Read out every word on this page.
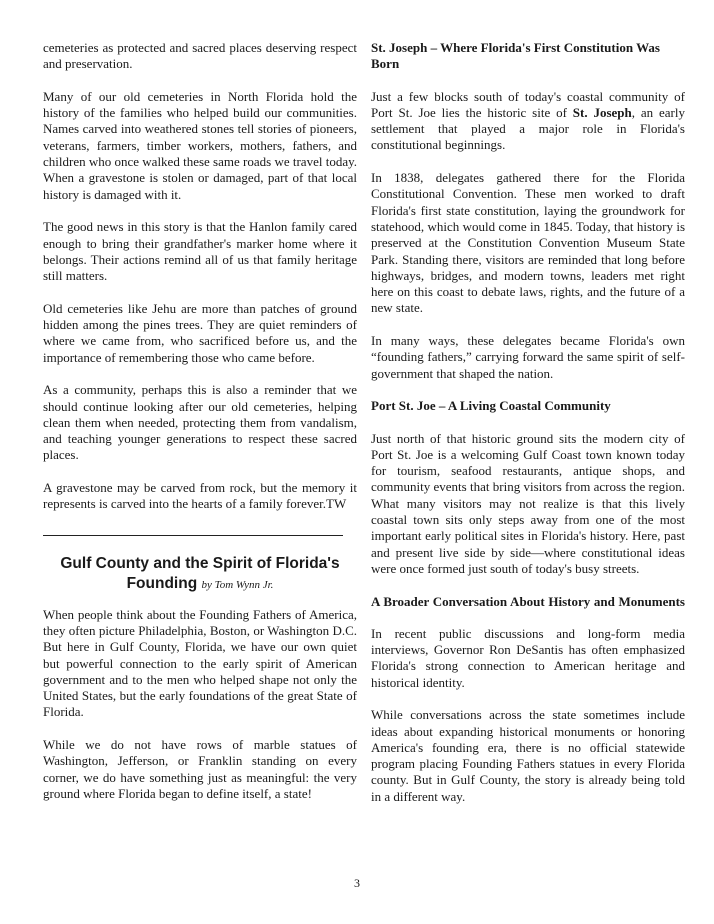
cemeteries as protected and sacred places deserving respect and preservation.

Many of our old cemeteries in North Florida hold the history of the families who helped build our communities. Names carved into weathered stones tell stories of pioneers, veterans, farmers, timber workers, mothers, fathers, and children who once walked these same roads we travel today. When a gravestone is stolen or damaged, part of that local history is damaged with it.

The good news in this story is that the Hanlon family cared enough to bring their grandfather's marker home where it belongs. Their actions remind all of us that family heritage still matters.

Old cemeteries like Jehu are more than patches of ground hidden among the pines trees. They are quiet reminders of where we came from, who sacrificed before us, and the importance of remembering those who came before.

As a community, perhaps this is also a reminder that we should continue looking after our old cemeteries, helping clean them when needed, protecting them from vandalism, and teaching younger generations to respect these sacred places.

A gravestone may be carved from rock, but the memory it represents is carved into the hearts of a family forever.TW

Gulf County and the Spirit of Florida's
Founding by Tom Wynn Jr.

When people think about the Founding Fathers of America, they often picture Philadelphia, Boston, or Washington D.C. But here in Gulf County, Florida, we have our own quiet but powerful connection to the early spirit of American government and to the men who helped shape not only the United States, but the early foundations of the great State of Florida.

While we do not have rows of marble statues of Washington, Jefferson, or Franklin standing on every corner, we do have something just as meaningful: the very ground where Florida began to define itself, a state!

St. Joseph – Where Florida's First Constitution Was Born

Just a few blocks south of today's coastal community of Port St. Joe lies the historic site of St. Joseph, an early settlement that played a major role in Florida's constitutional beginnings.

In 1838, delegates gathered there for the Florida Constitutional Convention. These men worked to draft Florida's first state constitution, laying the groundwork for statehood, which would come in 1845. Today, that history is preserved at the Constitution Convention Museum State Park. Standing there, visitors are reminded that long before highways, bridges, and modern towns, leaders met right here on this coast to debate laws, rights, and the future of a new state.

In many ways, these delegates became Florida's own “founding fathers,” carrying forward the same spirit of self-government that shaped the nation.

Port St. Joe – A Living Coastal Community

Just north of that historic ground sits the modern city of Port St. Joe is a welcoming Gulf Coast town known today for tourism, seafood restaurants, antique shops, and community events that bring visitors from across the region. What many visitors may not realize is that this lively coastal town sits only steps away from one of the most important early political sites in Florida's history. Here, past and present live side by side—where constitutional ideas were once formed just south of today's busy streets.

A Broader Conversation About History and Monuments

In recent public discussions and long-form media interviews, Governor Ron DeSantis has often emphasized Florida's strong connection to American heritage and historical identity.

While conversations across the state sometimes include ideas about expanding historical monuments or honoring America's founding era, there is no official statewide program placing Founding Fathers statues in every Florida county. But in Gulf County, the story is already being told in a different way.

3
